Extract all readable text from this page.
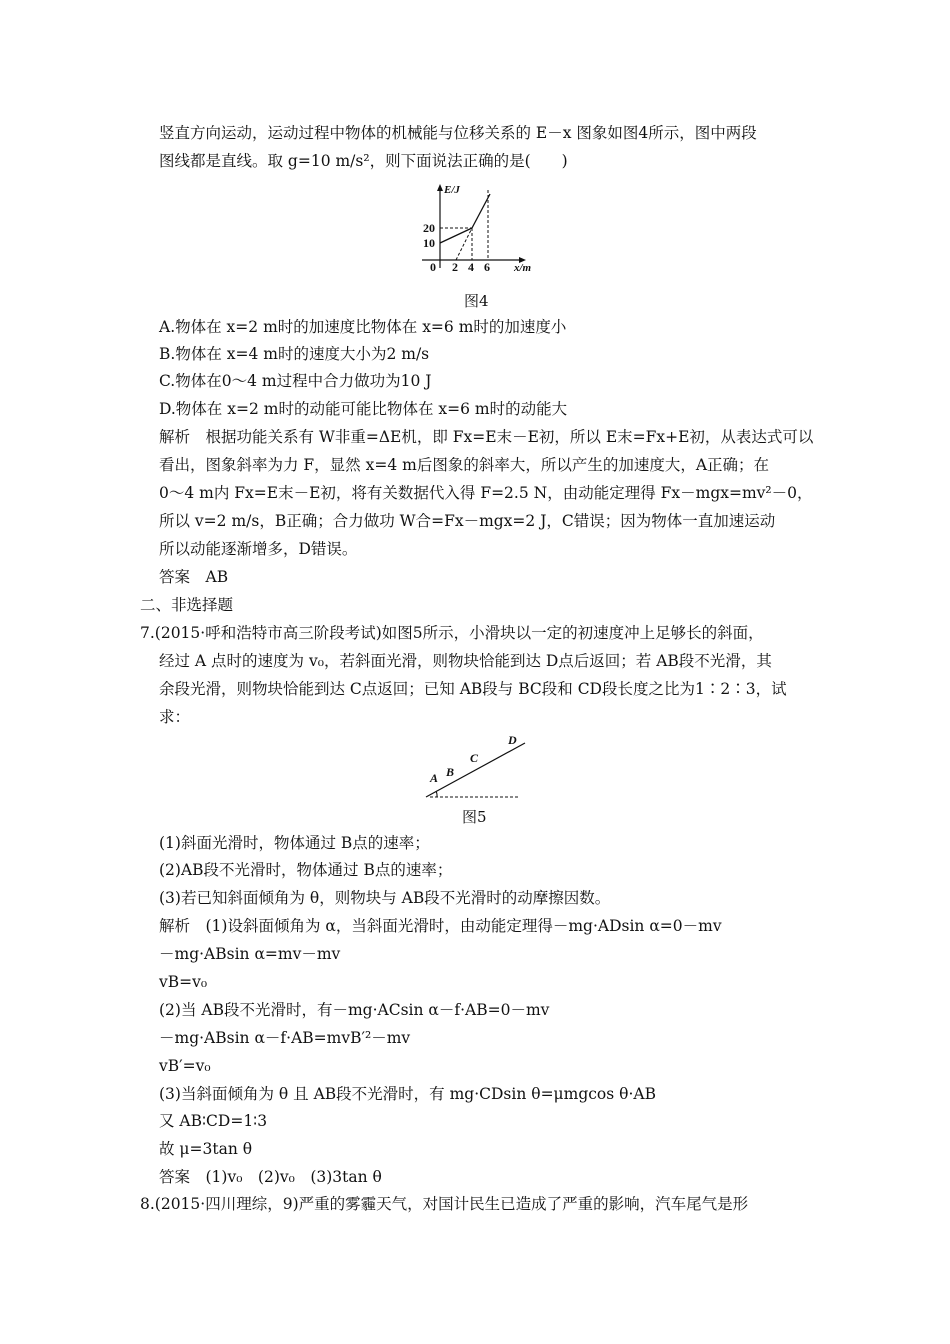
竖直方向运动，运动过程中物体的机械能与位移关系的 E－x 图象如图4所示，图中两段
图线都是直线。取 g=10 m/s²，则下面说法正确的是(　　)
E/J
x/m
20
10
0 2 4 6
图4
A.物体在 x=2 m时的加速度比物体在 x=6 m时的加速度小
B.物体在 x=4 m时的速度大小为2 m/s
C.物体在0～4 m过程中合力做功为10 J
D.物体在 x=2 m时的动能可能比物体在 x=6 m时的动能大
解析　根据功能关系有 W非重=ΔE机，即 Fx=E末－E初，所以 E末=Fx+E初，从表达式可以
看出，图象斜率为力 F，显然 x=4 m后图象的斜率大，所以产生的加速度大，A正确；在
0～4 m内 Fx=E末－E初，将有关数据代入得 F=2.5 N，由动能定理得 Fx－mgx=mv²－0，
所以 v=2 m/s，B正确；合力做功 W合=Fx－mgx=2 J，C错误；因为物体一直加速运动
所以动能逐渐增多，D错误。
答案　AB
二、非选择题
7.(2015·呼和浩特市高三阶段考试)如图5所示，小滑块以一定的初速度冲上足够长的斜面，
经过 A 点时的速度为 v₀，若斜面光滑，则物块恰能到达 D点后返回；若 AB段不光滑，其
余段光滑，则物块恰能到达 C点返回；已知 AB段与 BC段和 CD段长度之比为1∶2∶3，试
求：
A B
C
D
图5
(1)斜面光滑时，物体通过 B点的速率；
(2)AB段不光滑时，物体通过 B点的速率；
(3)若已知斜面倾角为 θ，则物块与 AB段不光滑时的动摩擦因数。
解析　(1)设斜面倾角为 α，当斜面光滑时，由动能定理得－mg·ADsin α=0－mv
－mg·ABsin α=mv－mv
vB=v₀
(2)当 AB段不光滑时，有－mg·ACsin α－f·AB=0－mv
－mg·ABsin α－f·AB=mvB′²－mv
vB′=v₀
(3)当斜面倾角为 θ 且 AB段不光滑时，有 mg·CDsin θ=μmgcos θ·AB
又 AB∶CD=1∶3
故 μ=3tan θ
答案　(1)v₀　(2)v₀　(3)3tan θ
8.(2015·四川理综，9)严重的雾霾天气，对国计民生已造成了严重的影响，汽车尾气是形
